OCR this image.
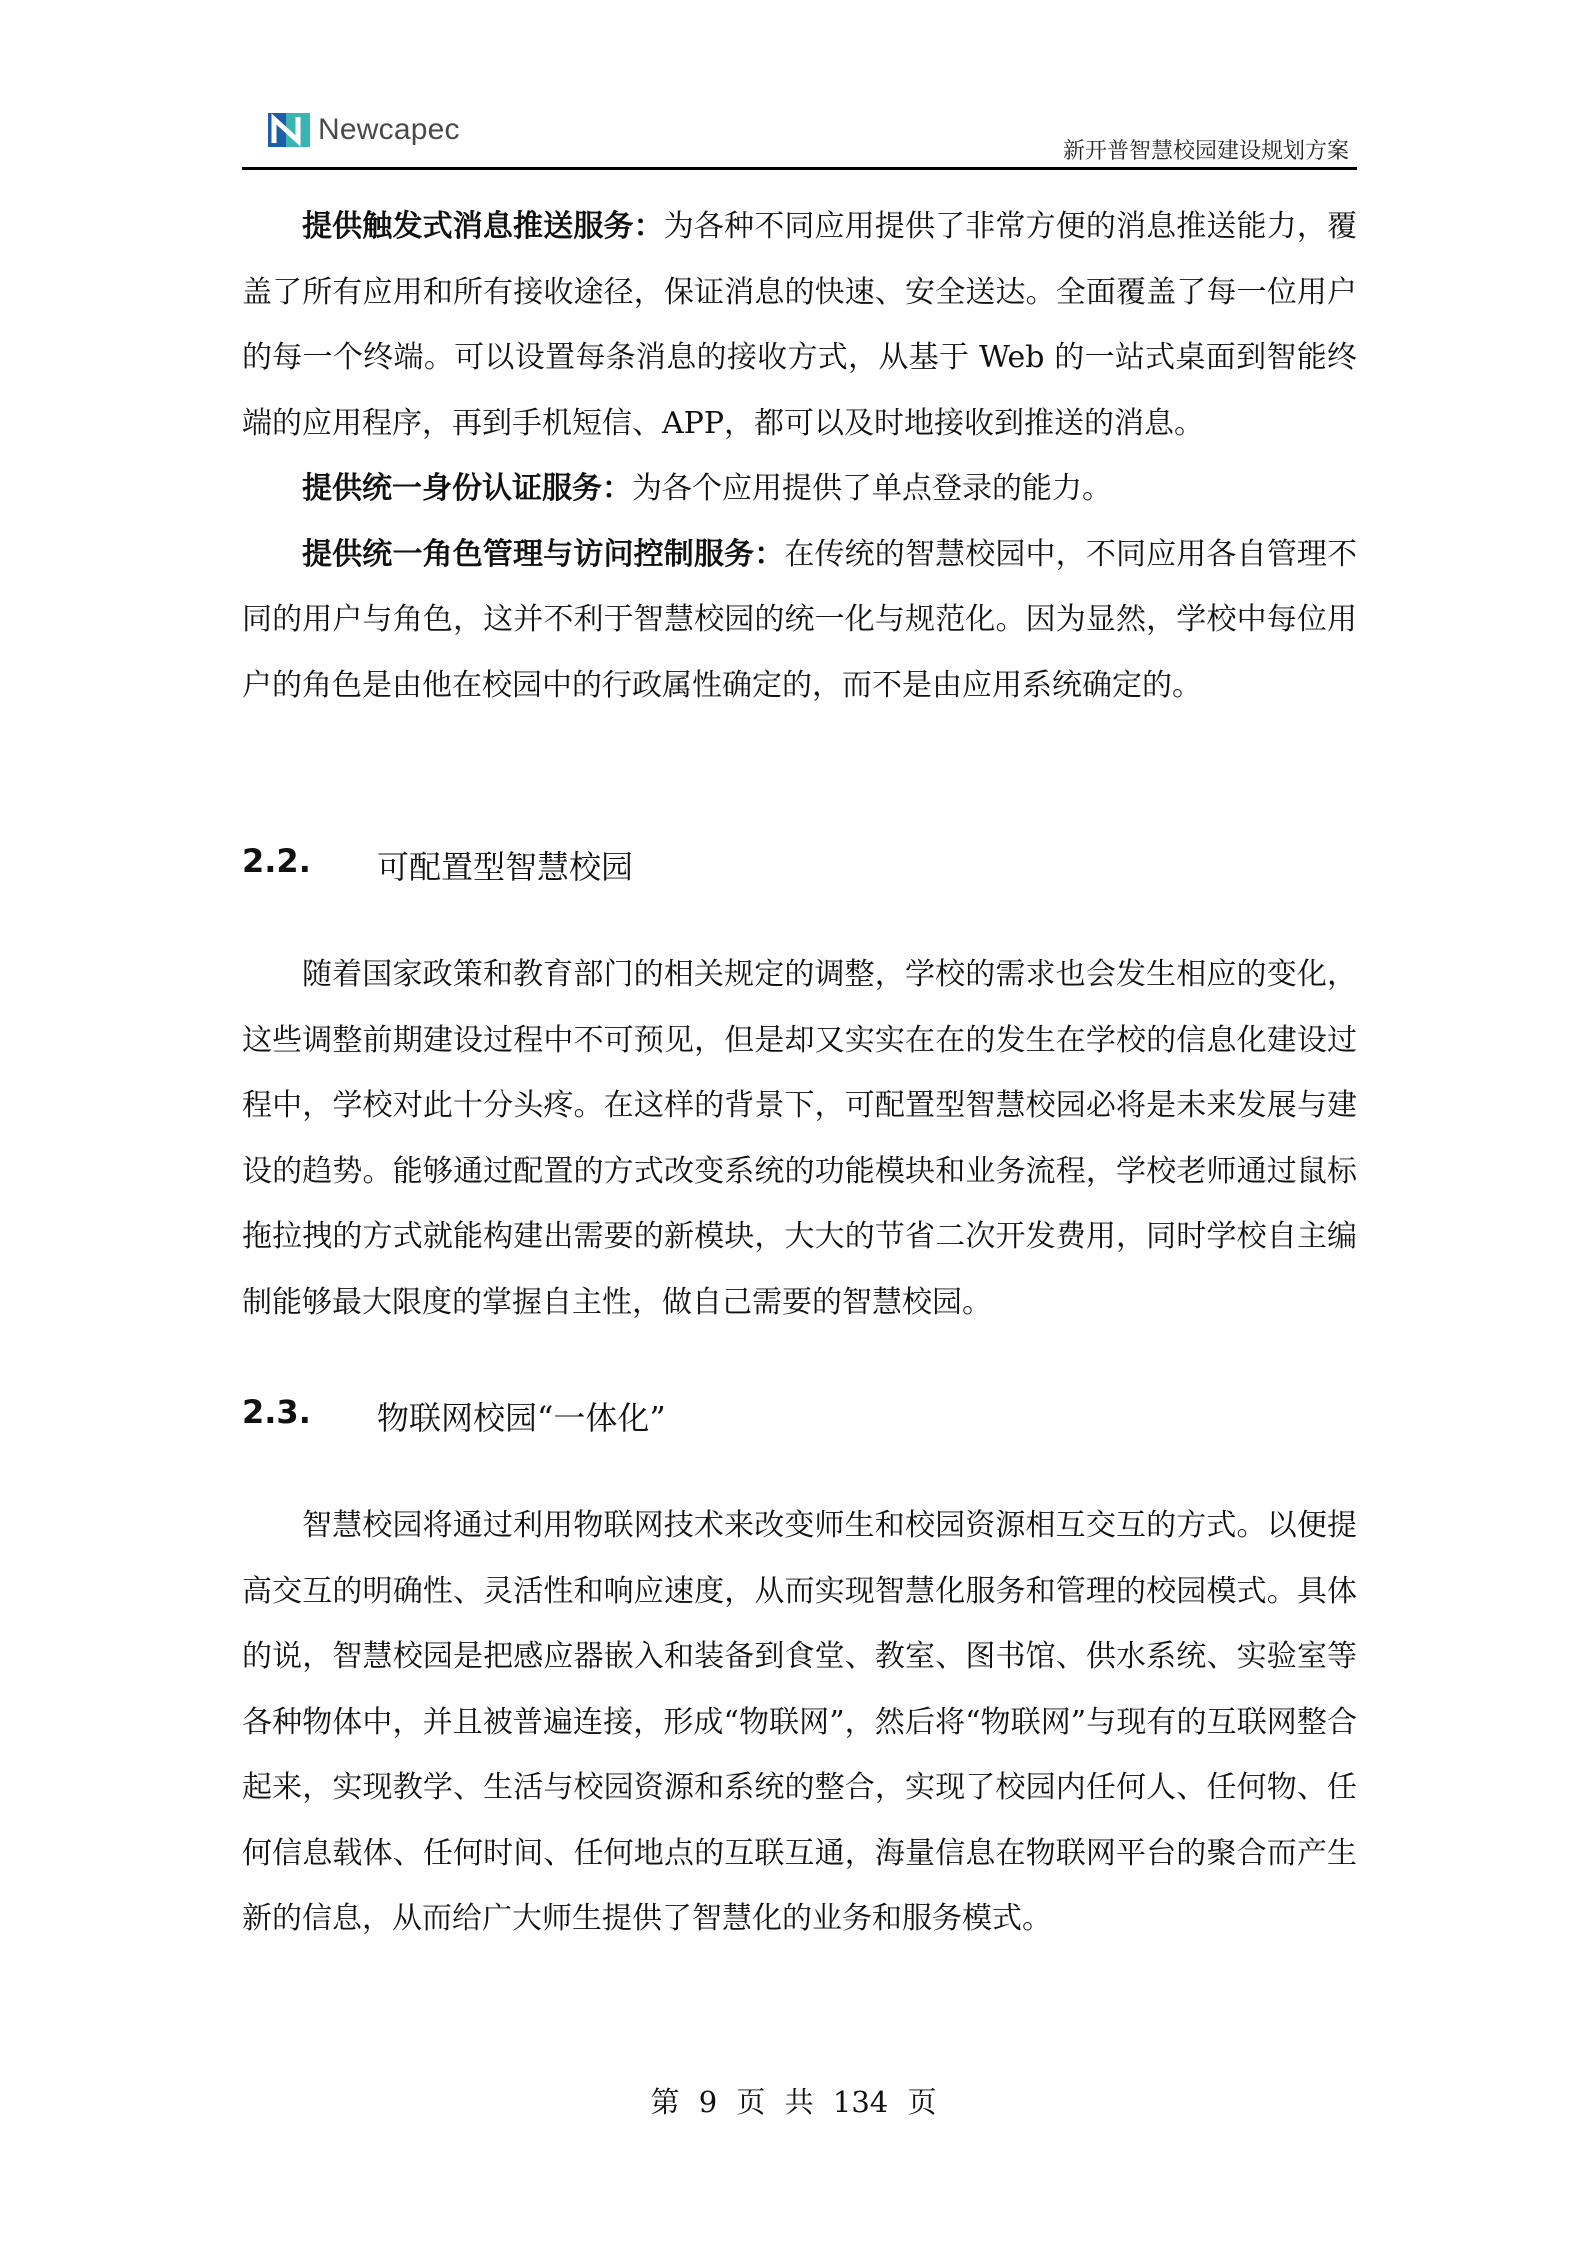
Newcapec
新开普智慧校园建设规划方案

提供触发式消息推送服务：为各种不同应用提供了非常方便的消息推送能力，覆盖了所有应用和所有接收途径，保证消息的快速、安全送达。全面覆盖了每一位用户的每一个终端。可以设置每条消息的接收方式，从基于 Web 的一站式桌面到智能终端的应用程序，再到手机短信、APP，都可以及时地接收到推送的消息。

提供统一身份认证服务：为各个应用提供了单点登录的能力。

提供统一角色管理与访问控制服务：在传统的智慧校园中，不同应用各自管理不同的用户与角色，这并不利于智慧校园的统一化与规范化。因为显然，学校中每位用户的角色是由他在校园中的行政属性确定的，而不是由应用系统确定的。

2.2.	可配置型智慧校园

随着国家政策和教育部门的相关规定的调整，学校的需求也会发生相应的变化，这些调整前期建设过程中不可预见，但是却又实实在在的发生在学校的信息化建设过程中，学校对此十分头疼。在这样的背景下，可配置型智慧校园必将是未来发展与建设的趋势。能够通过配置的方式改变系统的功能模块和业务流程，学校老师通过鼠标拖拉拽的方式就能构建出需要的新模块，大大的节省二次开发费用，同时学校自主编制能够最大限度的掌握自主性，做自己需要的智慧校园。

2.3.	物联网校园“一体化”

智慧校园将通过利用物联网技术来改变师生和校园资源相互交互的方式。以便提高交互的明确性、灵活性和响应速度，从而实现智慧化服务和管理的校园模式。具体的说，智慧校园是把感应器嵌入和装备到食堂、教室、图书馆、供水系统、实验室等各种物体中，并且被普遍连接，形成“物联网”，然后将“物联网”与现有的互联网整合起来，实现教学、生活与校园资源和系统的整合，实现了校园内任何人、任何物、任何信息载体、任何时间、任何地点的互联互通，海量信息在物联网平台的聚合而产生新的信息，从而给广大师生提供了智慧化的业务和服务模式。

第 9 页 共 134 页
